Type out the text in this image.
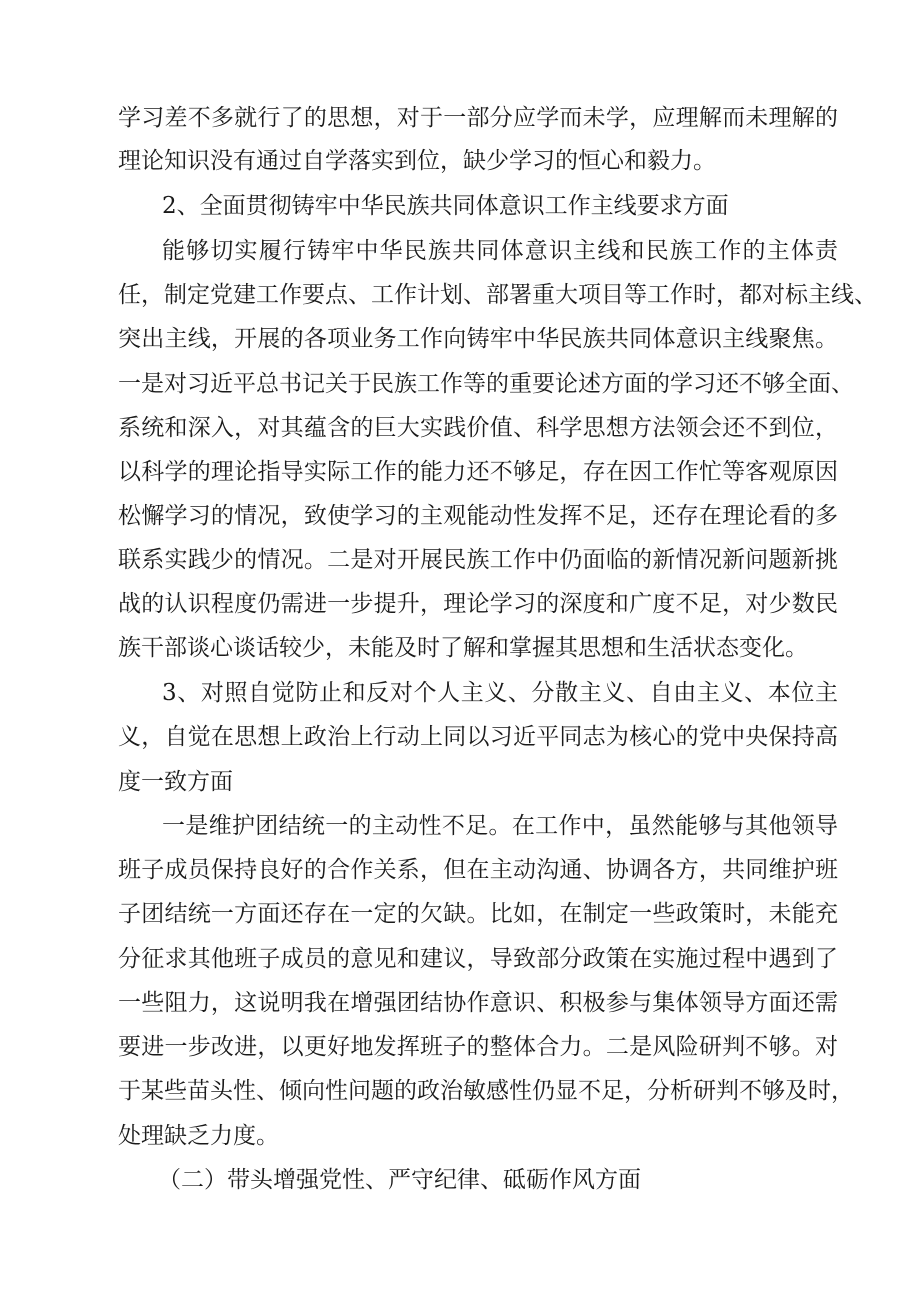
学习差不多就行了的思想，对于一部分应学而未学，应理解而未理解的
理论知识没有通过自学落实到位，缺少学习的恒心和毅力。
2、全面贯彻铸牢中华民族共同体意识工作主线要求方面
能够切实履行铸牢中华民族共同体意识主线和民族工作的主体责
任，制定党建工作要点、工作计划、部署重大项目等工作时，都对标主线、
突出主线，开展的各项业务工作向铸牢中华民族共同体意识主线聚焦。
一是对习近平总书记关于民族工作等的重要论述方面的学习还不够全面、
系统和深入，对其蕴含的巨大实践价值、科学思想方法领会还不到位，
以科学的理论指导实际工作的能力还不够足，存在因工作忙等客观原因
松懈学习的情况，致使学习的主观能动性发挥不足，还存在理论看的多
联系实践少的情况。二是对开展民族工作中仍面临的新情况新问题新挑
战的认识程度仍需进一步提升，理论学习的深度和广度不足，对少数民
族干部谈心谈话较少，未能及时了解和掌握其思想和生活状态变化。
3、对照自觉防止和反对个人主义、分散主义、自由主义、本位主
义，自觉在思想上政治上行动上同以习近平同志为核心的党中央保持高
度一致方面
一是维护团结统一的主动性不足。在工作中，虽然能够与其他领导
班子成员保持良好的合作关系，但在主动沟通、协调各方，共同维护班
子团结统一方面还存在一定的欠缺。比如，在制定一些政策时，未能充
分征求其他班子成员的意见和建议，导致部分政策在实施过程中遇到了
一些阻力，这说明我在增强团结协作意识、积极参与集体领导方面还需
要进一步改进，以更好地发挥班子的整体合力。二是风险研判不够。对
于某些苗头性、倾向性问题的政治敏感性仍显不足，分析研判不够及时，
处理缺乏力度。
（二）带头增强党性、严守纪律、砥砺作风方面
